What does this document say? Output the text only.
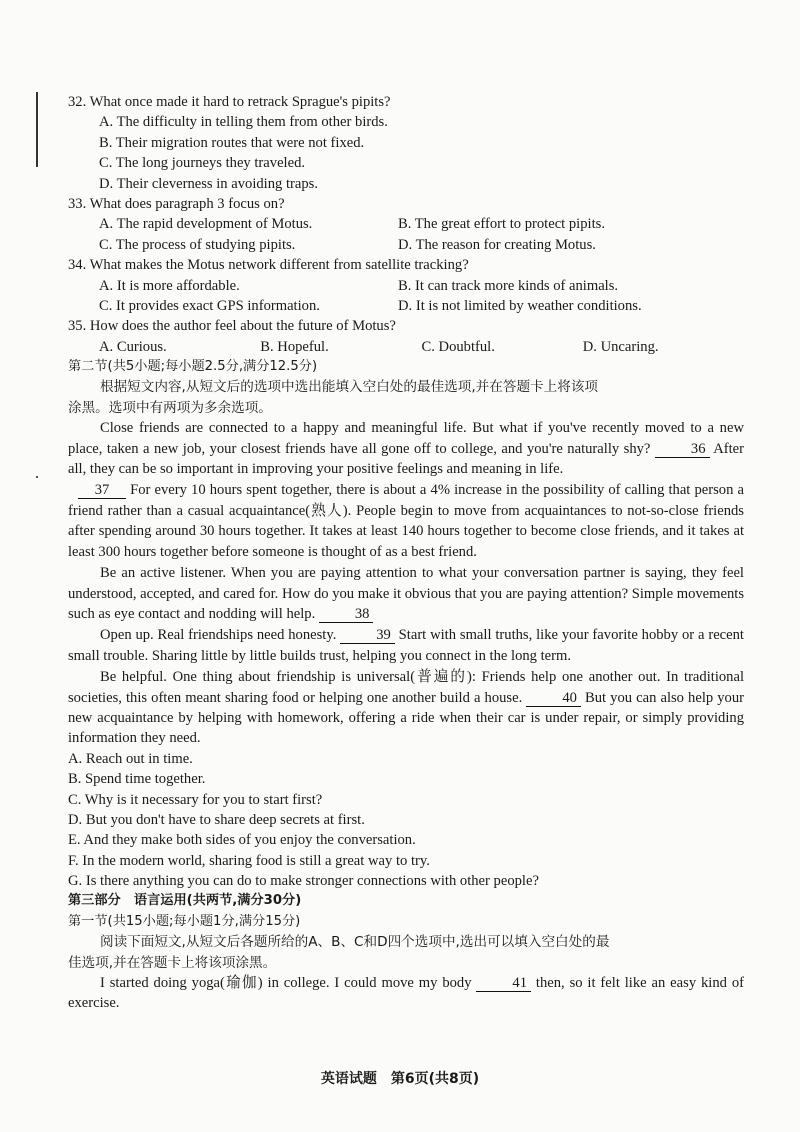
32. What once made it hard to retrack Sprague's pipits?
A. The difficulty in telling them from other birds.
B. Their migration routes that were not fixed.
C. The long journeys they traveled.
D. Their cleverness in avoiding traps.
33. What does paragraph 3 focus on?
A. The rapid development of Motus.	B. The great effort to protect pipits.
C. The process of studying pipits.	D. The reason for creating Motus.
34. What makes the Motus network different from satellite tracking?
A. It is more affordable.	B. It can track more kinds of animals.
C. It provides exact GPS information.	D. It is not limited by weather conditions.
35. How does the author feel about the future of Motus?
A. Curious.	B. Hopeful.	C. Doubtful.	D. Uncaring.
第二节(共5小题;每小题2.5分,满分12.5分)
根据短文内容,从短文后的选项中选出能填入空白处的最佳选项,并在答题卡上将该项
涂黑。选项中有两项为多余选项。

Close friends are connected to a happy and meaningful life. But what if you've recently moved to a new place, taken a new job, your closest friends have all gone off to college, and you're naturally shy?	36 After all, they can be so important in improving your positive feelings and meaning in life.

37 For every 10 hours spent together, there is about a 4% increase in the possibility of calling that person a friend rather than a casual acquaintance(熟人). People begin to move from acquaintances to not-so-close friends after spending around 30 hours together. It takes at least 140 hours together to become close friends, and it takes at least 300 hours together before someone is thought of as a best friend.

Be an active listener. When you are paying attention to what your conversation partner is saying, they feel understood, accepted, and cared for. How do you make it obvious that you are paying attention? Simple movements such as eye contact and nodding will help.	38

Open up. Real friendships need honesty.	39 Start with small truths, like your favorite hobby or a recent small trouble. Sharing little by little builds trust, helping you connect in the long term.

Be helpful. One thing about friendship is universal(普遍的): Friends help one another out. In traditional societies, this often meant sharing food or helping one another build a house.	40 But you can also help your new acquaintance by helping with homework, offering a ride when their car is under repair, or simply providing information they need.

A. Reach out in time.
B. Spend time together.
C. Why is it necessary for you to start first?
D. But you don't have to share deep secrets at first.
E. And they make both sides of you enjoy the conversation.
F. In the modern world, sharing food is still a great way to try.
G. Is there anything you can do to make stronger connections with other people?
第三部分　语言运用(共两节,满分30分)
第一节(共15小题;每小题1分,满分15分)
阅读下面短文,从短文后各题所给的A、B、C和D四个选项中,选出可以填入空白处的最
佳选项,并在答题卡上将该项涂黑。

I started doing yoga(瑜伽) in college. I could move my body	41 then, so it felt like an easy kind of exercise.

英语试题　第6页(共8页)
